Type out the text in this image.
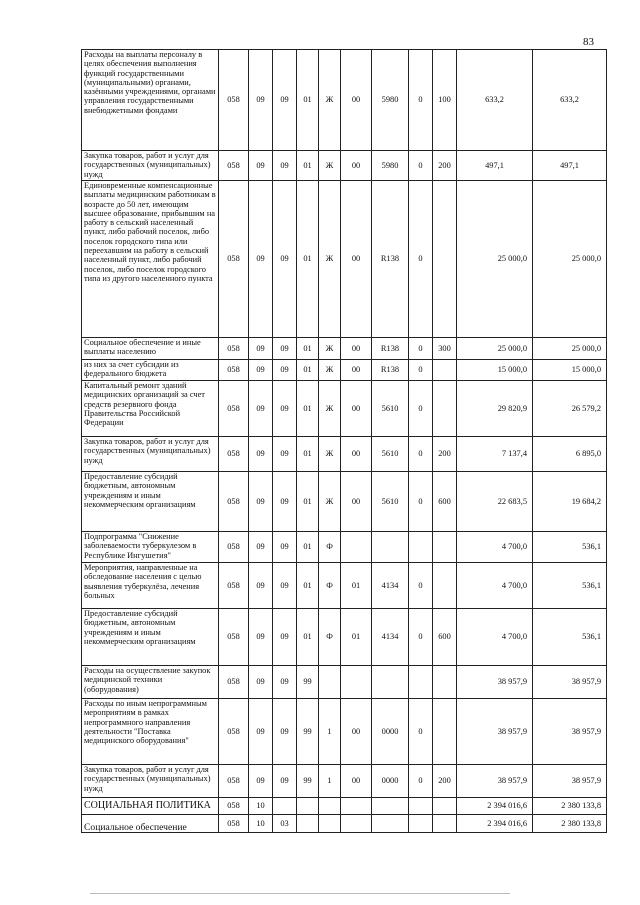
83
Расходы на выплаты персоналу в целях обеспечения выполнения функций государственными (муниципальными) органами, казёнными учреждениями, органами управления государственными внебюджетными фондами	058	09	09	01	Ж	00	5980	0	100	633,2	633,2
Закупка товаров, работ и услуг для государственных (муниципальных) нужд	058	09	09	01	Ж	00	5980	0	200	497,1	497,1
Единовременные компенсационные выплаты медицинским работникам в возрасте до 50 лет, имеющим высшее образование, прибывшим на работу в сельский населенный пункт, либо рабочий поселок, либо поселок городского типа или переехавшим на работу в сельский населенный пункт, либо рабочий поселок, либо поселок городского типа из другого населенного пункта	058	09	09	01	Ж	00	R138	0		25 000,0	25 000,0
Социальное обеспечение и иные выплаты населению	058	09	09	01	Ж	00	R138	0	300	25 000,0	25 000,0
из них за счет субсидии из федерального бюджета	058	09	09	01	Ж	00	R138	0		15 000,0	15 000,0
Капитальный ремонт зданий медицинских организаций за счет средств резервного фонда Правительства Российской Федерации	058	09	09	01	Ж	00	5610	0		29 820,9	26 579,2
Закупка товаров, работ и услуг для государственных (муниципальных) нужд	058	09	09	01	Ж	00	5610	0	200	7 137,4	6 895,0
Предоставление субсидий бюджетным, автономным учреждениям и иным некоммерческим организациям	058	09	09	01	Ж	00	5610	0	600	22 683,5	19 684,2
Подпрограмма "Снижение заболеваемости туберкулезом в Республике Ингушетия"	058	09	09	01	Ф					4 700,0	536,1
Мероприятия, направленные на обследование населения с целью выявления туберкулёза, лечения больных	058	09	09	01	Ф	01	4134	0		4 700,0	536,1
Предоставление субсидий бюджетным, автономным учреждениям и иным некоммерческим организациям	058	09	09	01	Ф	01	4134	0	600	4 700,0	536,1
Расходы на осуществление закупок медицинской техники (оборудования)	058	09	09	99						38 957,9	38 957,9
Расходы по иным непрограммным мероприятиям в рамках непрограммного направления деятельности "Поставка медицинского оборудования"	058	09	09	99	1	00	0000	0		38 957,9	38 957,9
Закупка товаров, работ и услуг для государственных (муниципальных) нужд	058	09	09	99	1	00	0000	0	200	38 957,9	38 957,9
СОЦИАЛЬНАЯ ПОЛИТИКА	058	10								2 394 016,6	2 380 133,8
Социальное обеспечение	058	10	03							2 394 016,6	2 380 133,8
